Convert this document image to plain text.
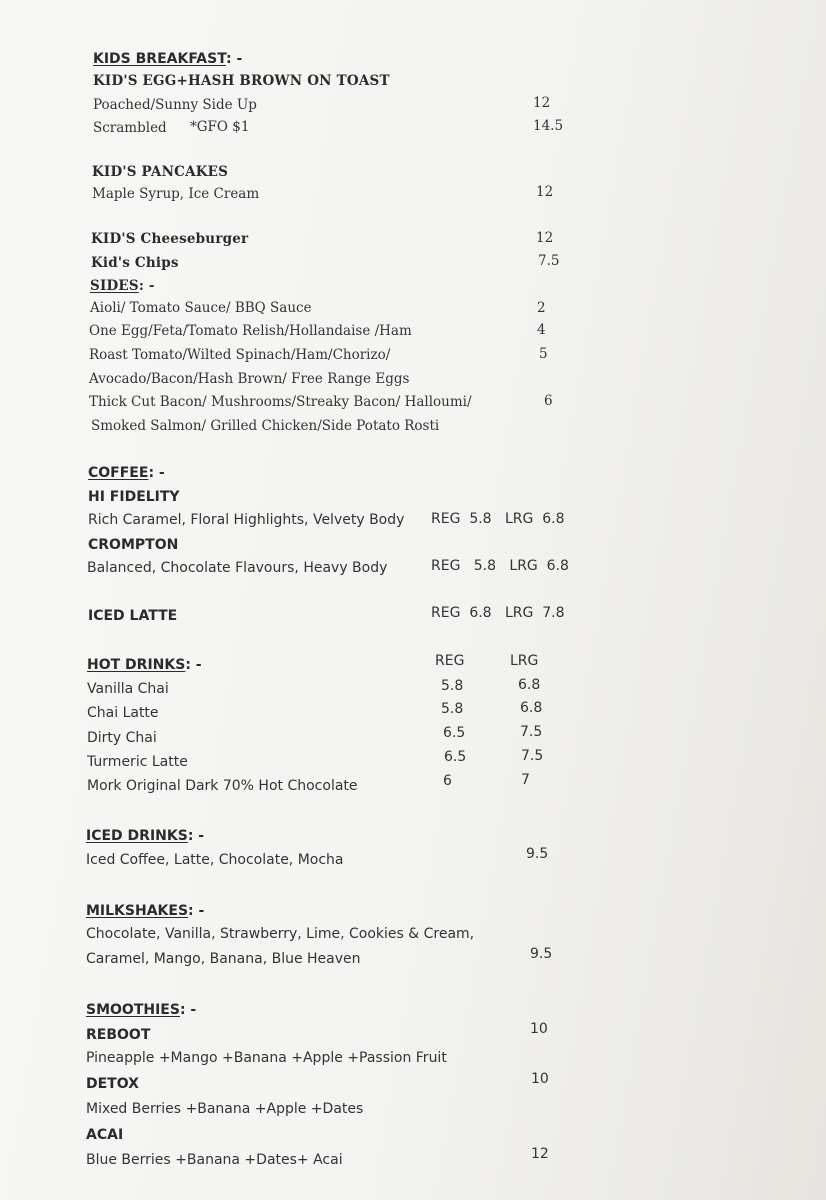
KIDS BREAKFAST: -
KID'S EGG+HASH BROWN ON TOAST
Poached/Sunny Side Up	12
Scrambled *GFO $1	14.5
KID'S PANCAKES
Maple Syrup, Ice Cream	12
KID'S Cheeseburger	12
Kid's Chips	7.5
SIDES: -
Aioli/ Tomato Sauce/ BBQ Sauce	2
One Egg/Feta/Tomato Relish/Hollandaise /Ham	4
Roast Tomato/Wilted Spinach/Ham/Chorizo/	5
Avocado/Bacon/Hash Brown/ Free Range Eggs
Thick Cut Bacon/ Mushrooms/Streaky Bacon/ Halloumi/	6
Smoked Salmon/ Grilled Chicken/Side Potato Rosti
COFFEE: -
HI FIDELITY
Rich Caramel, Floral Highlights, Velvety Body REG  5.8   LRG  6.8
CROMPTON
Balanced, Chocolate Flavours, Heavy Body	REG   5.8   LRG  6.8
ICED LATTE	REG  6.8   LRG  7.8
HOT DRINKS: -	REG	LRG
Vanilla Chai	5.8	6.8
Chai Latte	5.8	6.8
Dirty Chai	6.5	7.5
Turmeric Latte	6.5	7.5
Mork Original Dark 70% Hot Chocolate	6	7
ICED DRINKS: -
Iced Coffee, Latte, Chocolate, Mocha	9.5
MILKSHAKES: -
Chocolate, Vanilla, Strawberry, Lime, Cookies & Cream,
Caramel, Mango, Banana, Blue Heaven	9.5
SMOOTHIES: -
REBOOT	10
Pineapple +Mango +Banana +Apple +Passion Fruit
DETOX	10
Mixed Berries +Banana +Apple +Dates
ACAI
Blue Berries +Banana +Dates+ Acai	12
